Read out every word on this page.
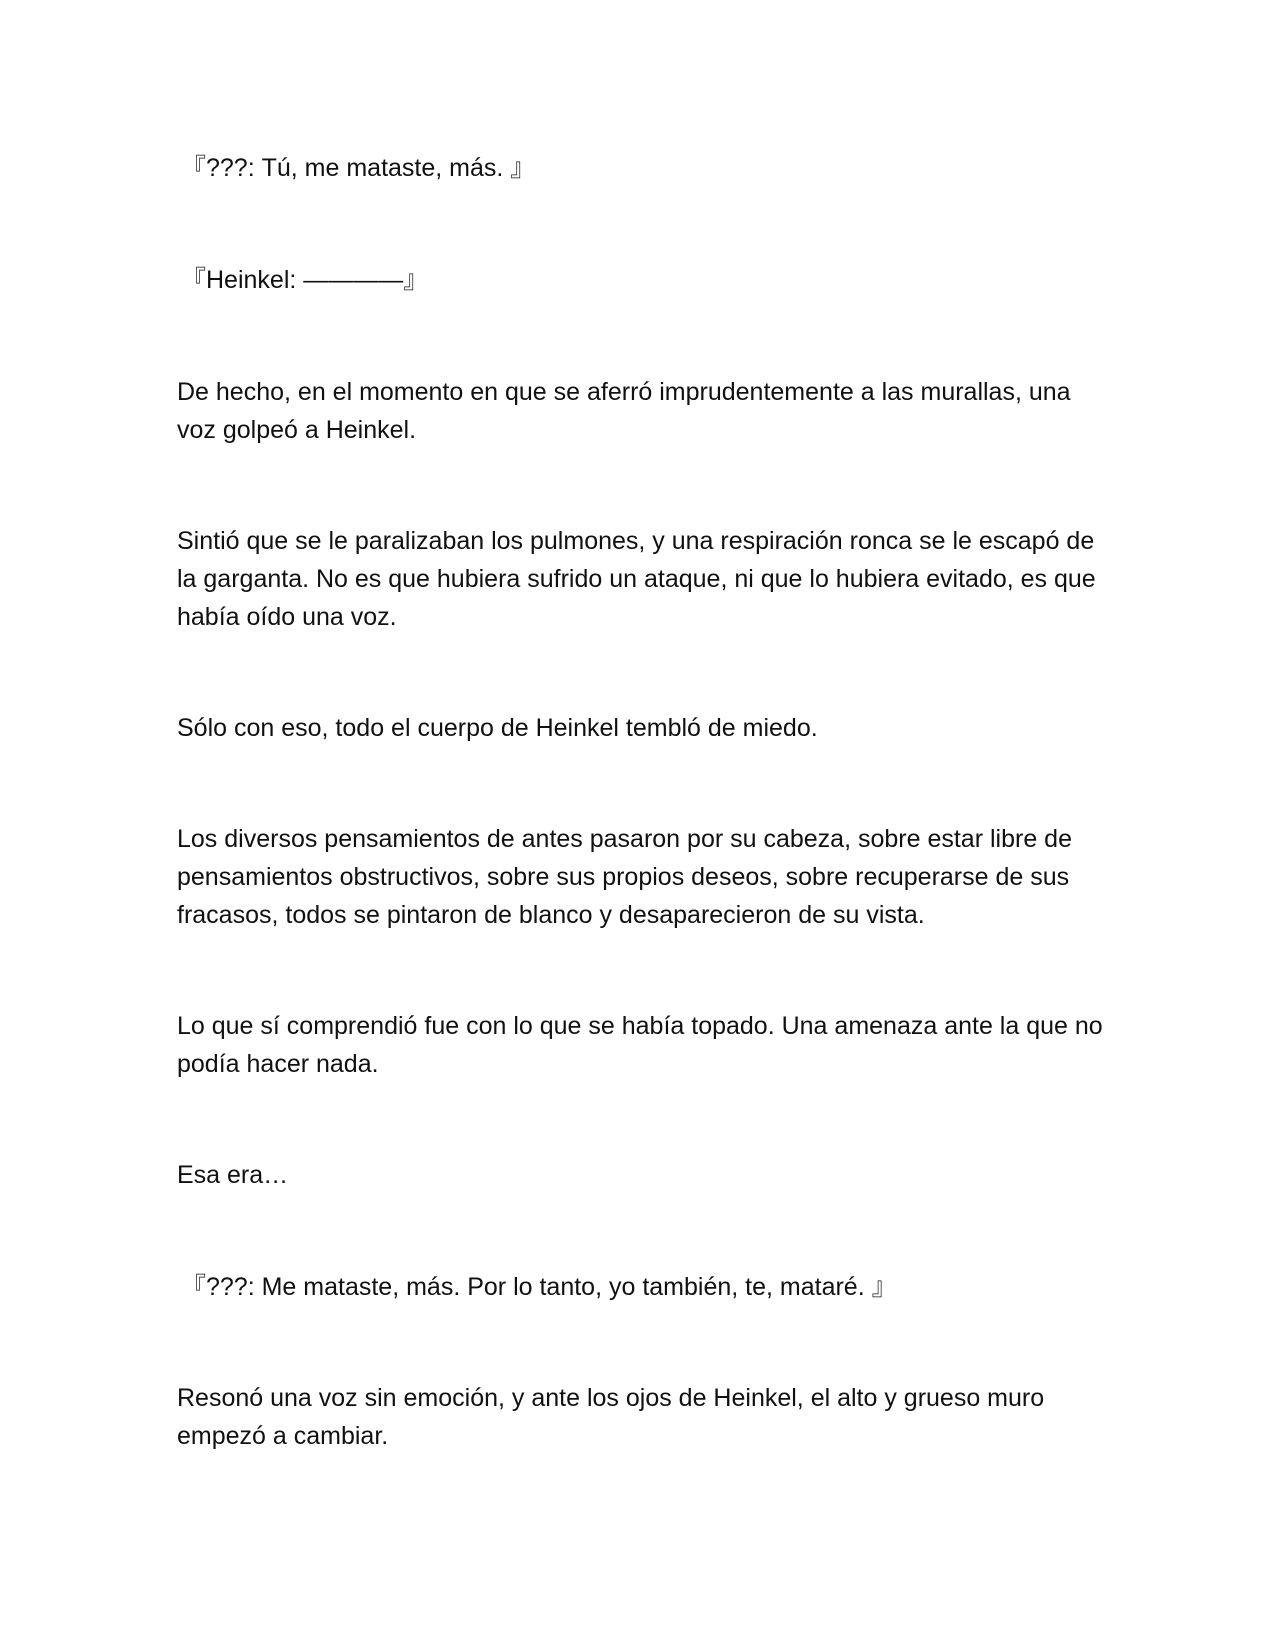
『???: Tú, me mataste, más. 』

『Heinkel: ————』

De hecho, en el momento en que se aferró imprudentemente a las murallas, una voz golpeó a Heinkel.

Sintió que se le paralizaban los pulmones, y una respiración ronca se le escapó de la garganta. No es que hubiera sufrido un ataque, ni que lo hubiera evitado, es que había oído una voz.

Sólo con eso, todo el cuerpo de Heinkel tembló de miedo.

Los diversos pensamientos de antes pasaron por su cabeza, sobre estar libre de pensamientos obstructivos, sobre sus propios deseos, sobre recuperarse de sus fracasos, todos se pintaron de blanco y desaparecieron de su vista.

Lo que sí comprendió fue con lo que se había topado. Una amenaza ante la que no podía hacer nada.

Esa era…

『???: Me mataste, más. Por lo tanto, yo también, te, mataré. 』

Resonó una voz sin emoción, y ante los ojos de Heinkel, el alto y grueso muro empezó a cambiar.
